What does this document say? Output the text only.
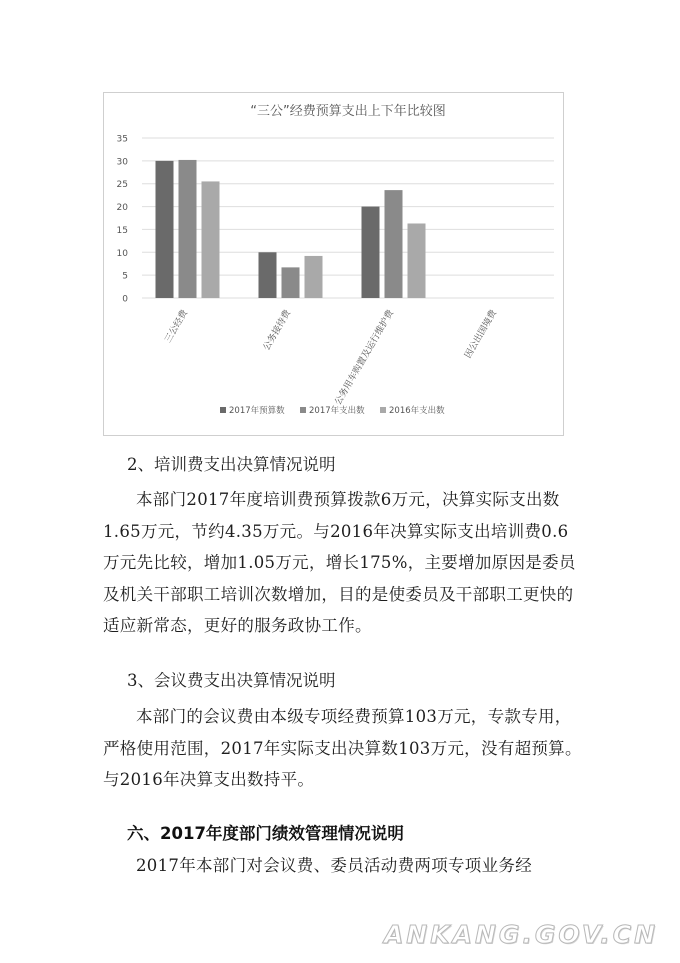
“三公”经费预算支出上下年比较图
0
5
10
15
20
25
30
35
三公经费	公务接待费	公务用车购置及运行维护费	因公出国境费
2017年预算数	2017年支出数	2016年支出数

2、培训费支出决算情况说明

本部门2017年度培训费预算拨款6万元，决算实际支出数1.65万元，节约4.35万元。与2016年决算实际支出培训费0.6万元先比较，增加1.05万元，增长175%，主要增加原因是委员及机关干部职工培训次数增加，目的是使委员及干部职工更快的适应新常态，更好的服务政协工作。

3、会议费支出决算情况说明

本部门的会议费由本级专项经费预算103万元，专款专用，严格使用范围，2017年实际支出决算数103万元，没有超预算。与2016年决算支出数持平。

六、2017年度部门绩效管理情况说明

2017年本部门对会议费、委员活动费两项专项业务经

ANKANG.GOV.CN
